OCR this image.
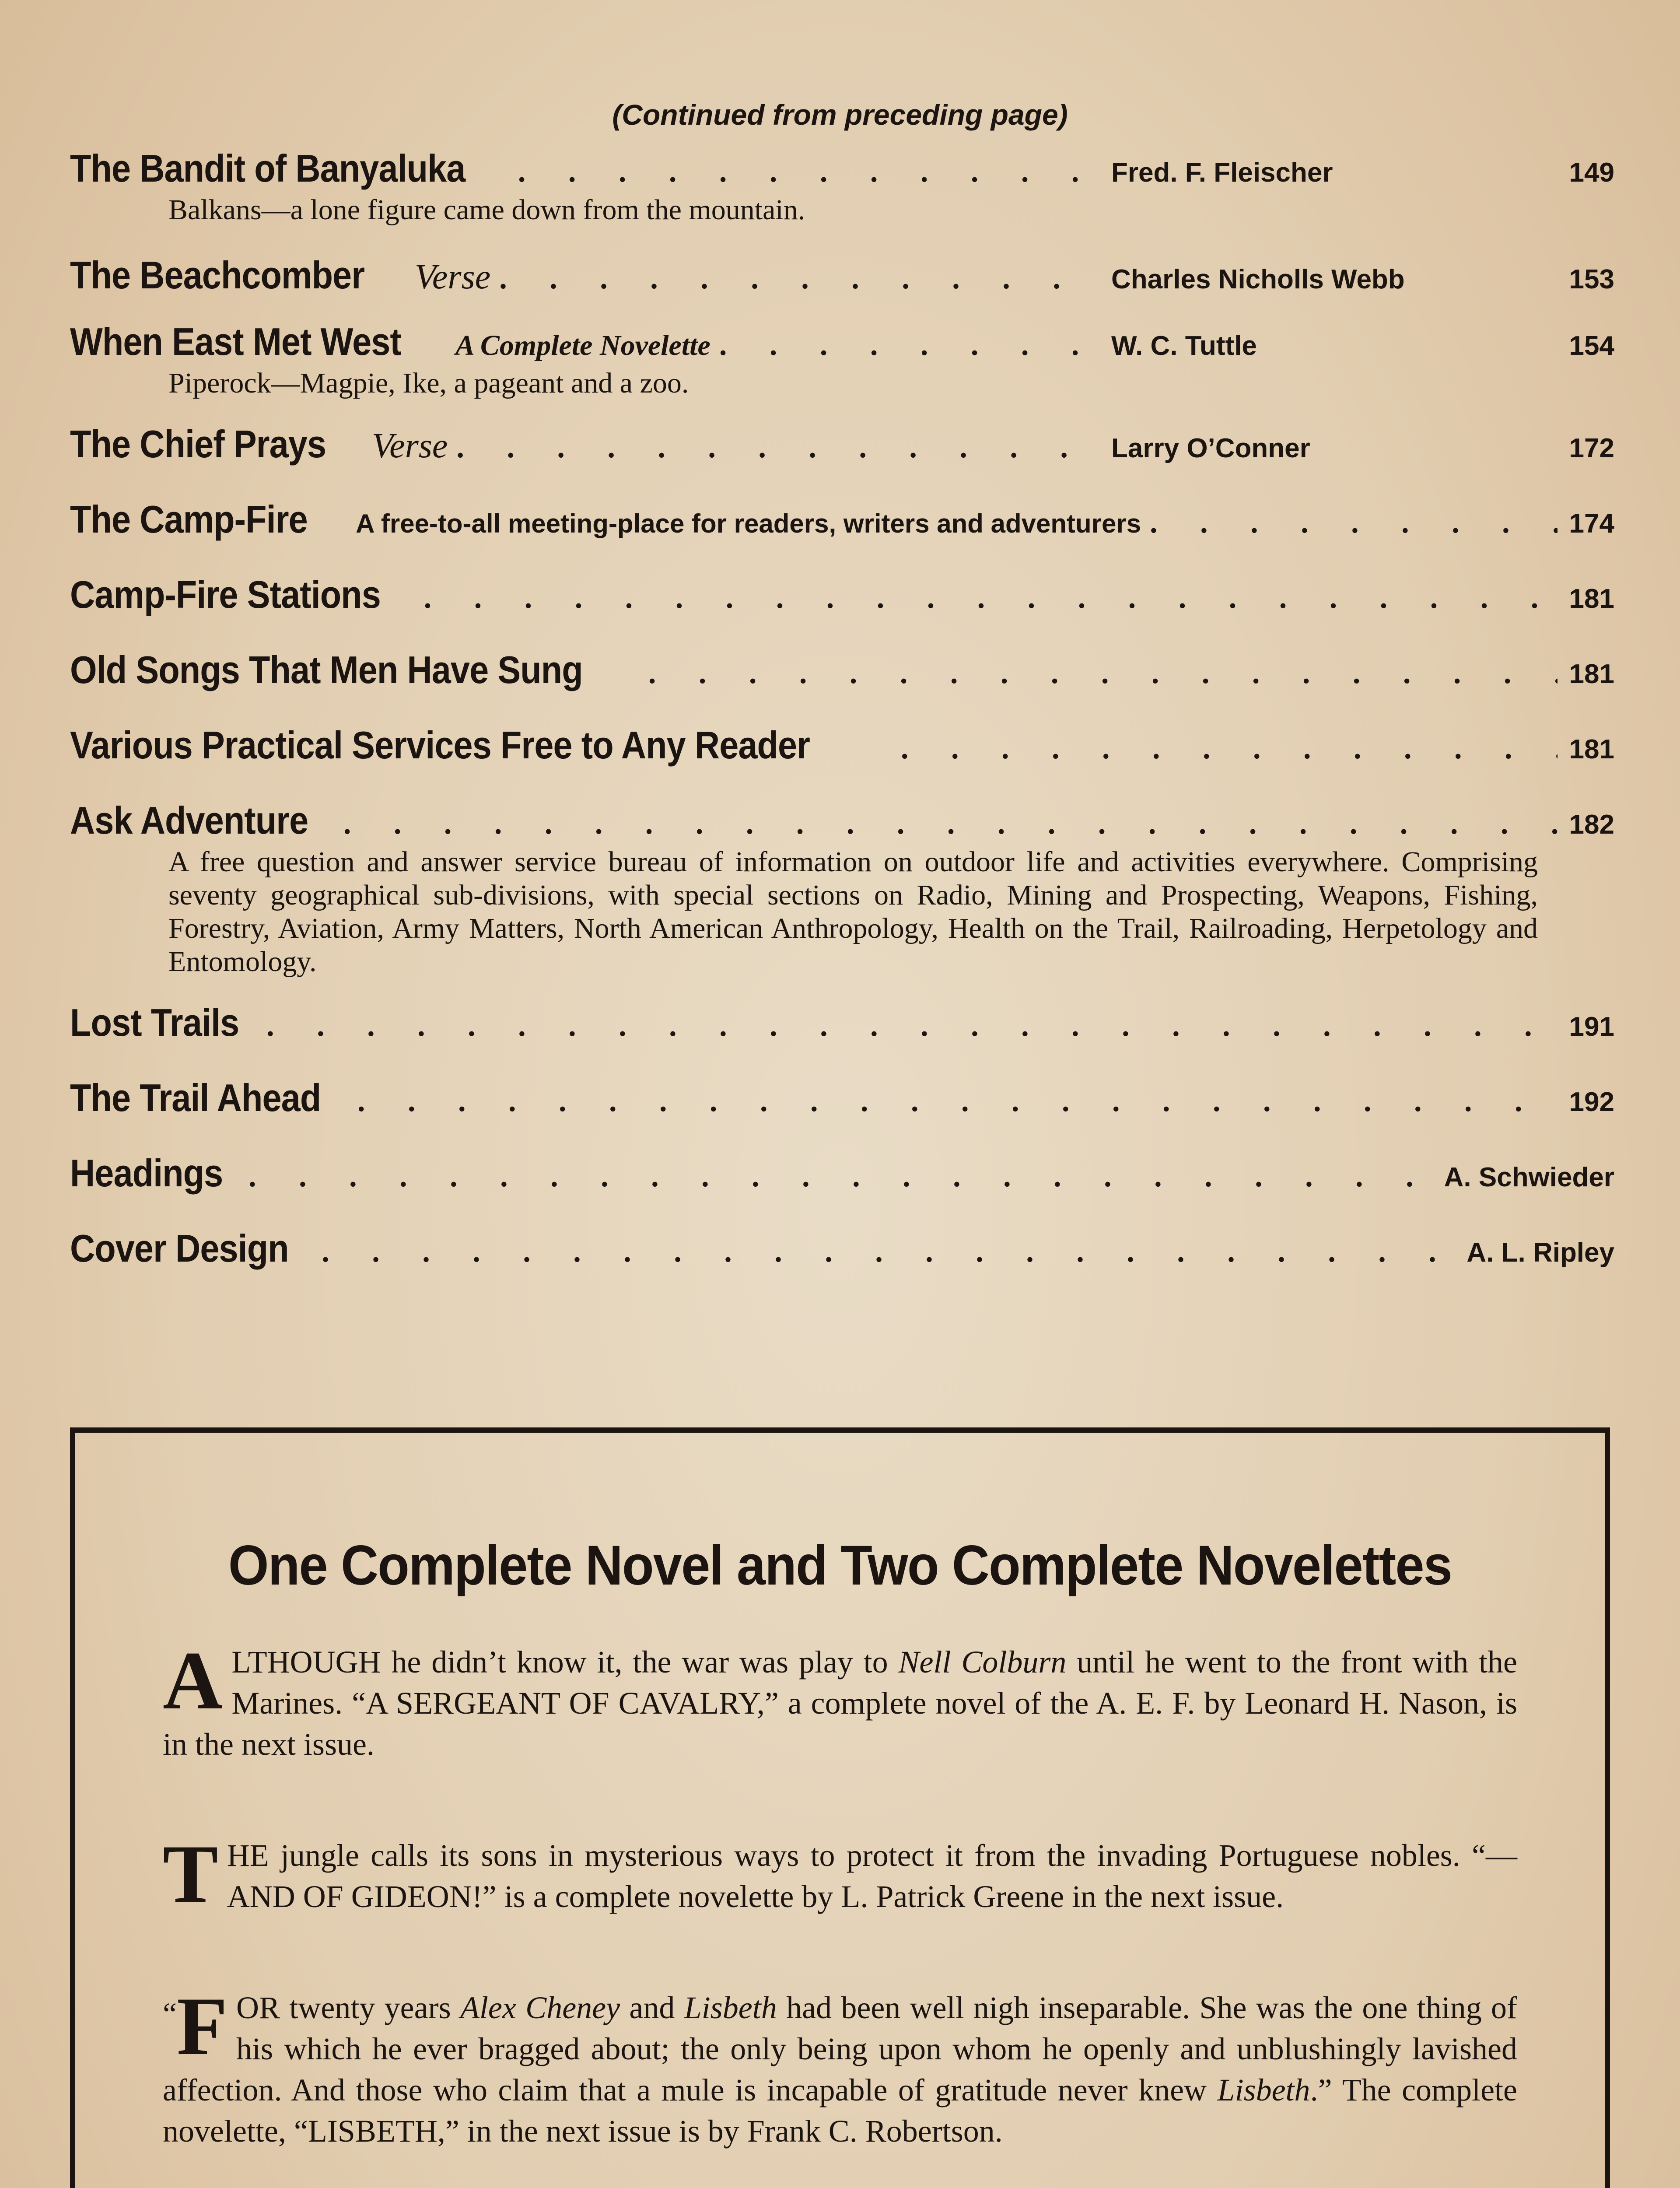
(Continued from preceding page)
The Bandit of Banyaluka . . .	Fred. F. Fleischer	149
Balkans—a lone figure came down from the mountain.
The Beachcomber Verse . . .	Charles Nicholls Webb	153
When East Met West A Complete Novelette . . .	W. C. Tuttle	154
Piperock—Magpie, Ike, a pageant and a zoo.
The Chief Prays Verse . . .	Larry O’Conner	172
The Camp-Fire A free-to-all meeting-place for readers, writers and adventurers . . .	174
Camp-Fire Stations . . .	181
Old Songs That Men Have Sung . . .	181
Various Practical Services Free to Any Reader . . .	181
Ask Adventure . . .	182
A free question and answer service bureau of information on outdoor life and activities everywhere. Comprising seventy geographical sub-divisions, with special sections on Radio, Mining and Prospecting, Weapons, Fishing, Forestry, Aviation, Army Matters, North American Anthropology, Health on the Trail, Railroading, Herpetology and Entomology.
Lost Trails . . .	191
The Trail Ahead . . .	192
Headings . . .	A. Schwieder
Cover Design . . .	A. L. Ripley
One Complete Novel and Two Complete Novelettes
ALTHOUGH he didn’t know it, the war was play to Nell Colburn until he went to the front with the Marines. “A SERGEANT OF CAVALRY,” a complete novel of the A. E. F. by Leonard H. Nason, is in the next issue.
THE jungle calls its sons in mysterious ways to protect it from the invading Portuguese nobles. “—AND OF GIDEON!” is a complete novelette by L. Patrick Greene in the next issue.
“ F OR twenty years Alex Cheney and Lisbeth had been well nigh inseparable. She was the one thing of his which he ever bragged about; the only being upon whom he openly and unblushingly lavished affection. And those who claim that a mule is incapable of gratitude never knew Lisbeth.” The complete novelette, “LISBETH,” in the next issue is by Frank C. Robertson.
